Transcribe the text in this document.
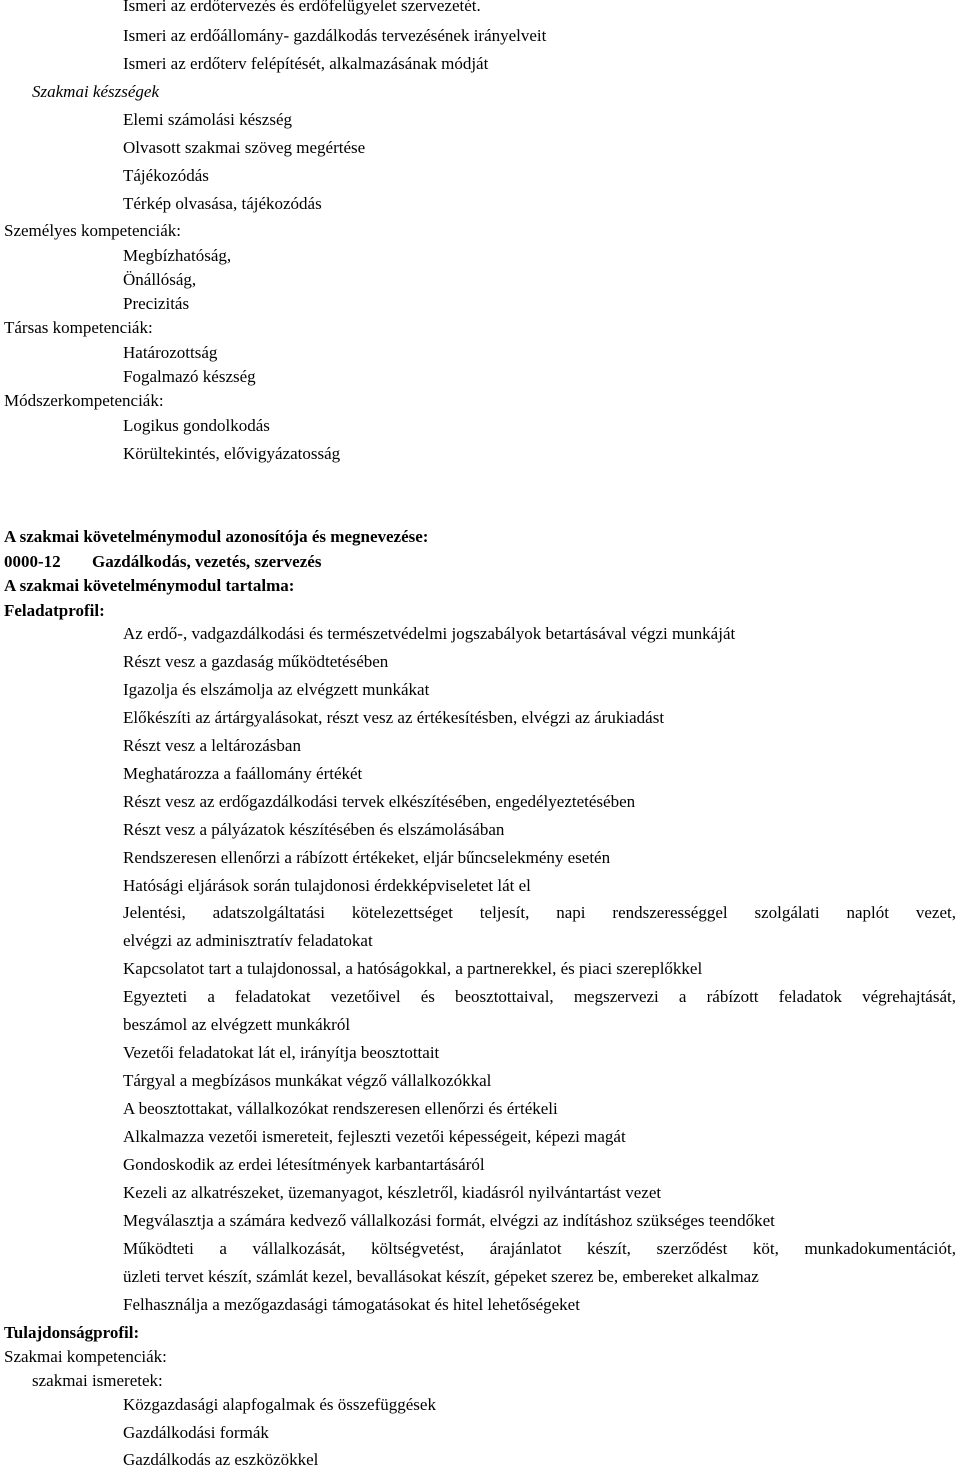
Ismeri az erdőtervezés és erdőfelügyelet szervezetét.
Ismeri az erdőállomány- gazdálkodás tervezésének irányelveit
Ismeri az erdőterv felépítését, alkalmazásának módját
Szakmai készségek
Elemi számolási készség
Olvasott szakmai szöveg megértése
Tájékozódás
Térkép olvasása, tájékozódás
Személyes kompetenciák:
Megbízhatóság,
Önállóság,
Precizitás
Társas kompetenciák:
Határozottság
Fogalmazó készség
Módszerkompetenciák:
Logikus gondolkodás
Körültekintés, elővigyázatosság
A szakmai követelménymodul azonosítója és megnevezése:
0000-12 Gazdálkodás, vezetés, szervezés
A szakmai követelménymodul tartalma:
Feladatprofil:
Az erdő-, vadgazdálkodási és természetvédelmi jogszabályok betartásával végzi munkáját
Részt vesz a gazdaság működtetésében
Igazolja és elszámolja az elvégzett munkákat
Előkészíti az ártárgyalásokat, részt vesz az értékesítésben, elvégzi az árukiadást
Részt vesz a leltározásban
Meghatározza a faállomány értékét
Részt vesz az erdőgazdálkodási tervek elkészítésében, engedélyeztetésében
Részt vesz a pályázatok készítésében és elszámolásában
Rendszeresen ellenőrzi a rábízott értékeket, eljár bűncselekmény esetén
Hatósági eljárások során tulajdonosi érdekképviseletet lát el
Jelentési, adatszolgáltatási kötelezettséget teljesít, napi rendszerességgel szolgálati naplót vezet,
elvégzi az adminisztratív feladatokat
Kapcsolatot tart a tulajdonossal, a hatóságokkal, a partnerekkel, és piaci szereplőkkel
Egyezteti a feladatokat vezetőivel és beosztottaival, megszervezi a rábízott feladatok végrehajtását,
beszámol az elvégzett munkákról
Vezetői feladatokat lát el, irányítja beosztottait
Tárgyal a megbízásos munkákat végző vállalkozókkal
A beosztottakat, vállalkozókat rendszeresen ellenőrzi és értékeli
Alkalmazza vezetői ismereteit, fejleszti vezetői képességeit, képezi magát
Gondoskodik az erdei létesítmények karbantartásáról
Kezeli az alkatrészeket, üzemanyagot, készletről, kiadásról nyilvántartást vezet
Megválasztja a számára kedvező vállalkozási formát, elvégzi az indításhoz szükséges teendőket
Működteti a vállalkozását, költségvetést, árajánlatot készít, szerződést köt, munkadokumentációt,
üzleti tervet készít, számlát kezel, bevallásokat készít, gépeket szerez be, embereket alkalmaz
Felhasználja a mezőgazdasági támogatásokat és hitel lehetőségeket
Tulajdonságprofil:
Szakmai kompetenciák:
szakmai ismeretek:
Közgazdasági alapfogalmak és összefüggések
Gazdálkodási formák
Gazdálkodás az eszközökkel
